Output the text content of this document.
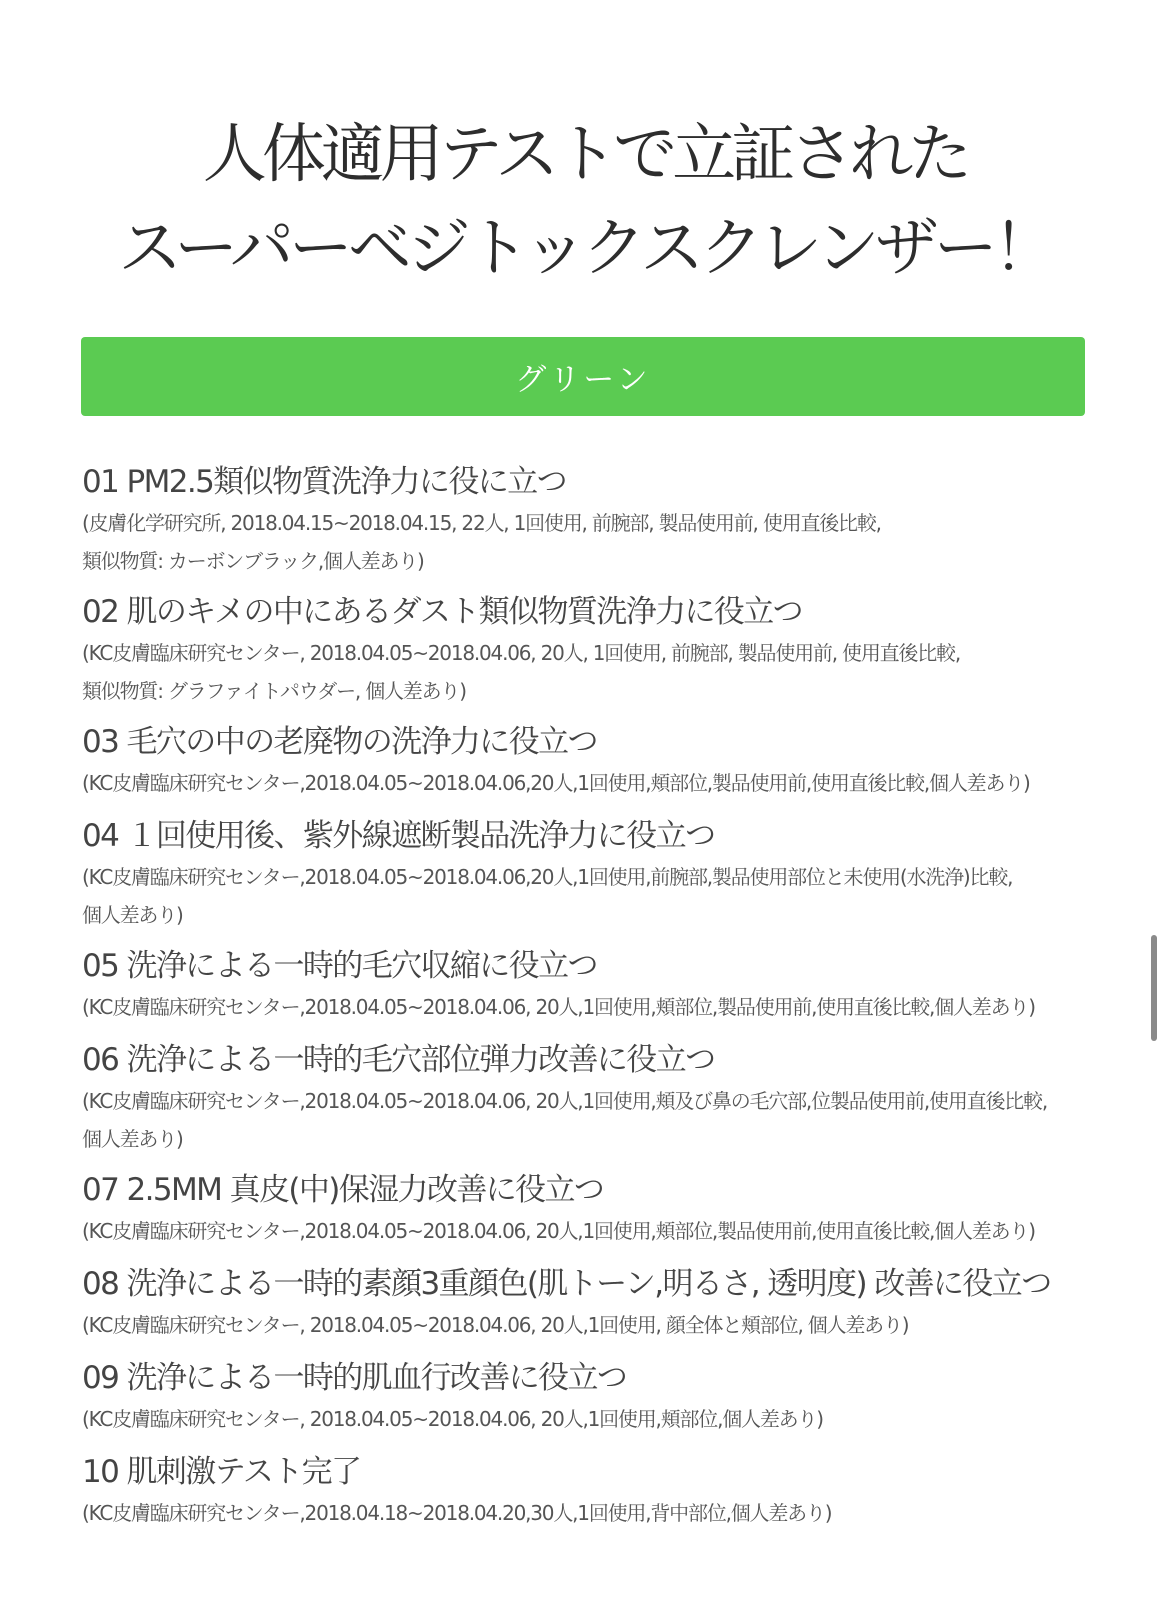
人体適用テストで立証された
スーパーベジトックスクレンザー！
グリーン
01 PM2.5類似物質洗浄力に役に立つ
(皮膚化学研究所, 2018.04.15~2018.04.15, 22人, 1回使用, 前腕部, 製品使用前, 使用直後比較,
類似物質: カーボンブラック,個人差あり)
02 肌のキメの中にあるダスト類似物質洗浄力に役立つ
(KC皮膚臨床研究センター, 2018.04.05~2018.04.06, 20人, 1回使用, 前腕部, 製品使用前, 使用直後比較,
類似物質: グラファイトパウダー, 個人差あり)
03 毛穴の中の老廃物の洗浄力に役立つ
(KC皮膚臨床研究センター,2018.04.05~2018.04.06,20人,1回使用,頬部位,製品使用前,使用直後比較,個人差あり)
04 １回使用後、紫外線遮断製品洗浄力に役立つ
(KC皮膚臨床研究センター,2018.04.05~2018.04.06,20人,1回使用,前腕部,製品使用部位と未使用(水洗浄)比較,
個人差あり)
05 洗浄による一時的毛穴収縮に役立つ
(KC皮膚臨床研究センター,2018.04.05~2018.04.06, 20人,1回使用,頬部位,製品使用前,使用直後比較,個人差あり)
06 洗浄による一時的毛穴部位弾力改善に役立つ
(KC皮膚臨床研究センター,2018.04.05~2018.04.06, 20人,1回使用,頬及び鼻の毛穴部,位製品使用前,使用直後比較,
個人差あり)
07 2.5MM 真皮(中)保湿力改善に役立つ
(KC皮膚臨床研究センター,2018.04.05~2018.04.06, 20人,1回使用,頬部位,製品使用前,使用直後比較,個人差あり)
08 洗浄による一時的素顔3重顔色(肌トーン,明るさ, 透明度) 改善に役立つ
(KC皮膚臨床研究センター, 2018.04.05~2018.04.06, 20人,1回使用, 顔全体と頬部位, 個人差あり)
09 洗浄による一時的肌血行改善に役立つ
(KC皮膚臨床研究センター, 2018.04.05~2018.04.06, 20人,1回使用,頬部位,個人差あり)
10 肌刺激テスト完了
(KC皮膚臨床研究センター,2018.04.18~2018.04.20,30人,1回使用,背中部位,個人差あり)
